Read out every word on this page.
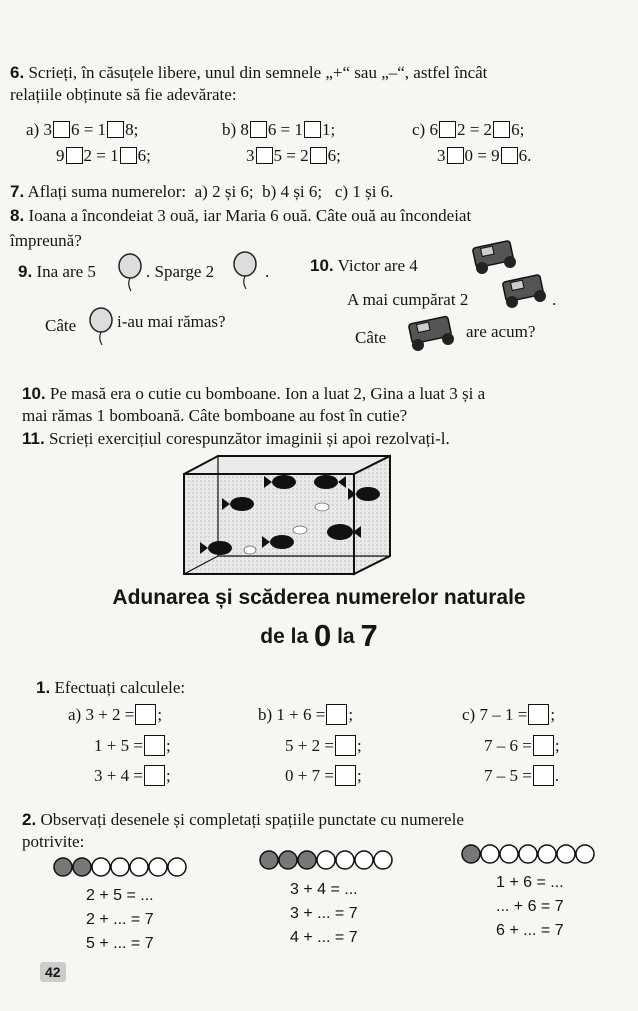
6. Scrieți, în căsuțele libere, unul din semnele „+“ sau „–“, astfel încât
relațiile obținute să fie adevărate:
a) 3 6 = 1 8;
9 2 = 1 6;
b) 8 6 = 1 1;
3 5 = 2 6;
c) 6 2 = 2 6;
3 0 = 9 6.
7. Aflați suma numerelor: a) 2 și 6; b) 4 și 6; c) 1 și 6.
8. Ioana a încondeiat 3 ouă, iar Maria 6 ouă. Câte ouă au încondeiat
împreună?
9. Ina are 5	. Sparge 2	.
Câte i-au mai rămas?
10. Victor are 4
A mai cumpărat 2	.
Câte	are acum?
10. Pe masă era o cutie cu bomboane. Ion a luat 2, Gina a luat 3 și a
mai rămas 1 bomboană. Câte bomboane au fost în cutie?
11. Scrieți exercițiul corespunzător imaginii și apoi rezolvați-l.
Adunarea și scăderea numerelor naturale
de la 0 la 7
1. Efectuați calculele:
a) 3 + 2 = ;
1 + 5 = ;
3 + 4 = ;
b) 1 + 6 = ;
5 + 2 = ;
0 + 7 = ;
c) 7 – 1 = ;
7 – 6 = ;
7 – 5 = .
2. Observați desenele și completați spațiile punctate cu numerele
potrivite:
2 + 5 = ...
2 + ... = 7
5 + ... = 7
3 + 4 = ...
3 + ... = 7
4 + ... = 7
1 + 6 = ...
... + 6 = 7
6 + ... = 7
42
